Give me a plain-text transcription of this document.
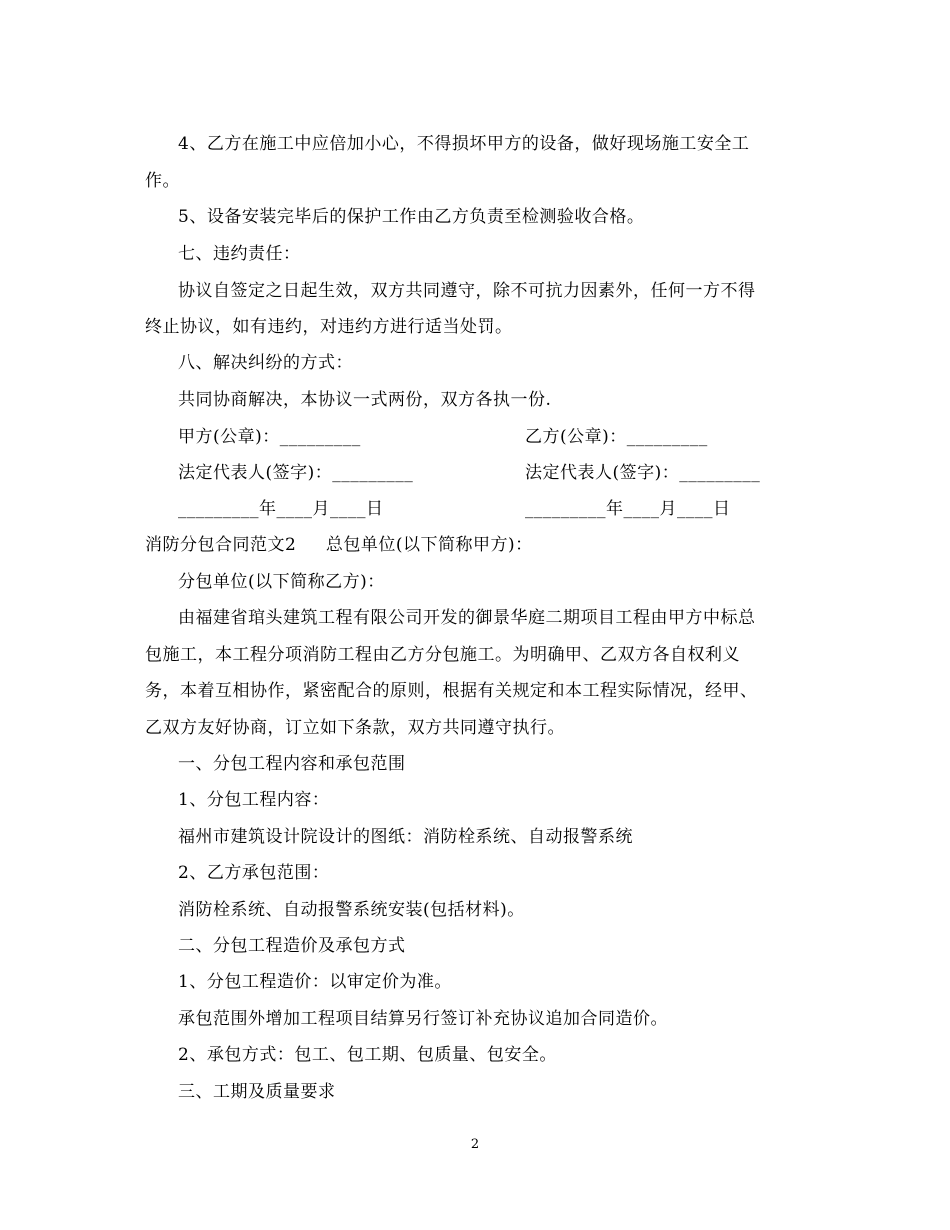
4、乙方在施工中应倍加小心，不得损坏甲方的设备，做好现场施工安全工
作。
5、设备安装完毕后的保护工作由乙方负责至检测验收合格。
七、违约责任：
协议自签定之日起生效，双方共同遵守，除不可抗力因素外，任何一方不得
终止协议，如有违约，对违约方进行适当处罚。
八、解决纠纷的方式：
共同协商解决，本协议一式两份，双方各执一份.
甲方(公章)：_________	乙方(公章)：_________
法定代表人(签字)：_________	法定代表人(签字)：_________
_________年____月____日	_________年____月____日
消防分包合同范文2     总包单位(以下简称甲方)：
分包单位(以下简称乙方)：
由福建省琯头建筑工程有限公司开发的御景华庭二期项目工程由甲方中标总
包施工，本工程分项消防工程由乙方分包施工。为明确甲、乙双方各自权利义
务，本着互相协作，紧密配合的原则，根据有关规定和本工程实际情况，经甲、
乙双方友好协商，订立如下条款，双方共同遵守执行。
一、分包工程内容和承包范围
1、分包工程内容：
福州市建筑设计院设计的图纸：消防栓系统、自动报警系统
2、乙方承包范围：
消防栓系统、自动报警系统安装(包括材料)。
二、分包工程造价及承包方式
1、分包工程造价：以审定价为准。
承包范围外增加工程项目结算另行签订补充协议追加合同造价。
2、承包方式：包工、包工期、包质量、包安全。
三、工期及质量要求
2
